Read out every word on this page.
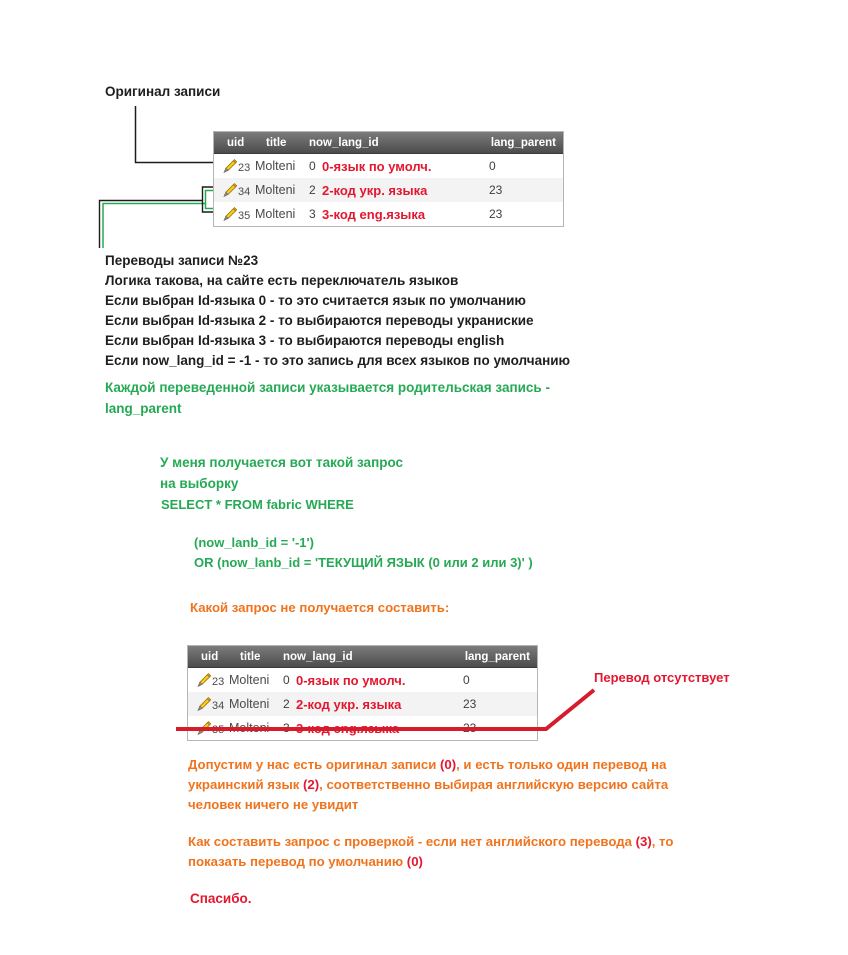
Оригинал записи
uid	title	now_lang_id	lang_parent
23 Molteni	0 0-язык по умолч.	0
34 Molteni	2 2-код укр. языка	23
35 Molteni	3 3-код eng.языка	23
Переводы записи №23
Логика такова, на сайте есть переключатель языков
Если выбран Id-языка 0 - то это считается язык по умолчанию
Если выбран Id-языка 2 - то выбираются переводы украниские
Если выбран Id-языка 3 - то выбираются переводы english
Если now_lang_id = -1 - то это запись для всех языков по умолчанию
Каждой переведенной записи указывается родительская запись -
lang_parent
У меня получается вот такой запрос
на выборку
SELECT * FROM fabric WHERE
(now_lanb_id = '-1')
OR (now_lanb_id = 'ТЕКУЩИЙ ЯЗЫК (0 или 2 или 3)' )
Какой запрос не получается составить:
uid	title	now_lang_id	lang_parent
23 Molteni	0 0-язык по умолч.	0
34 Molteni	2 2-код укр. языка	23
35 Molteni	3 3-код eng.языка	23
Перевод отсутствует
Допустим у нас есть оригинал записи (0), и есть только один перевод на
украинский язык (2), соответственно выбирая английскую версию сайта
человек ничего не увидит
Как составить запрос с проверкой - если нет английского перевода (3), то
показать перевод по умолчанию (0)
Спасибо.
